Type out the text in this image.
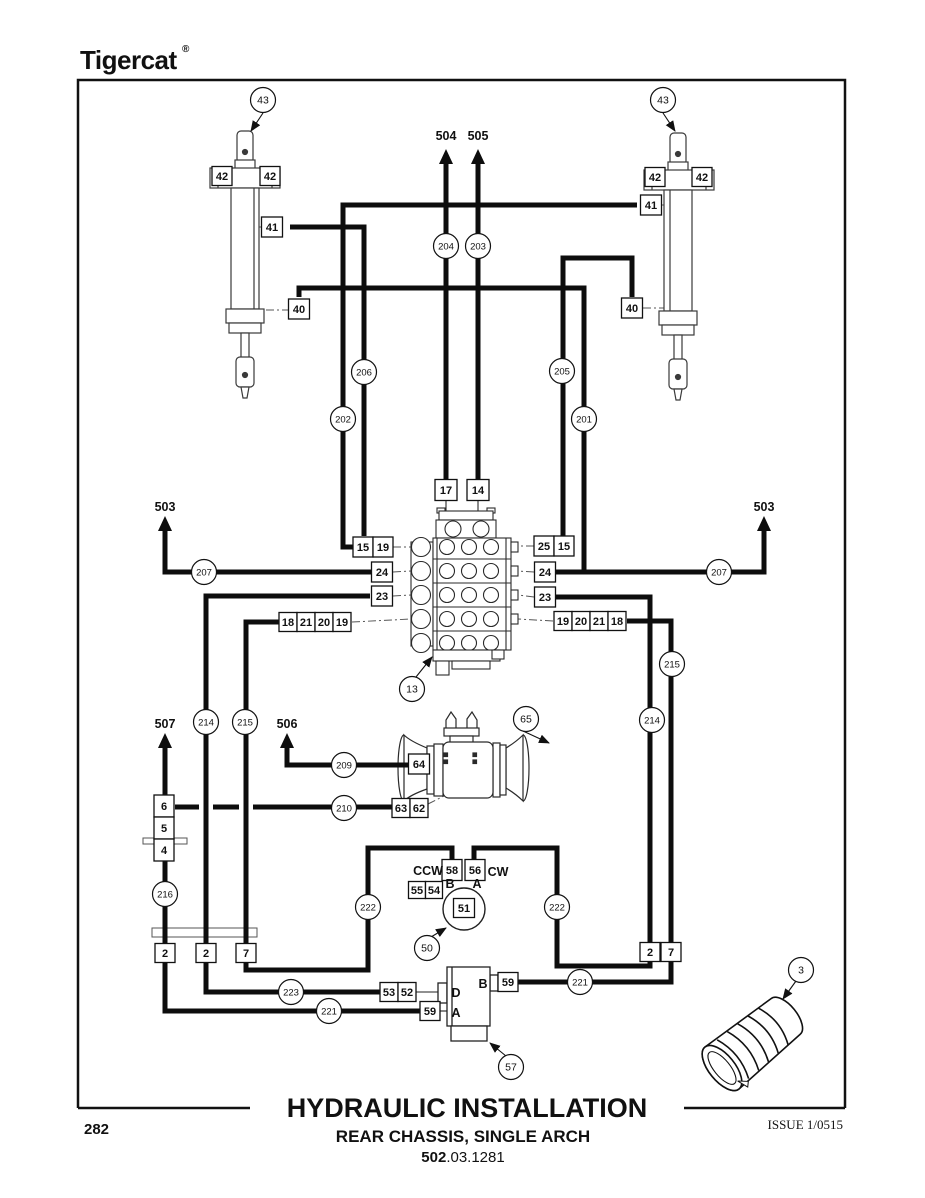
Tigercat ®
42	42	42	42
41
41
40	40
17 14
15 19	25 15
24	24
23	23
18 21 20 19	19 20 21 18
64
63 62
6
5
4
58 56
55 54
51
2	2	7	2 7
53 52
59
59
43	43
204 203
206	205
202	201
207	207
215
13
65
214 215	214
209
210
216
222	222
50
223
221
221
57
3
504 505
503	503
507	506
CCW	CW
B A
B
D
A
HYDRAULIC INSTALLATION
REAR CHASSIS, SINGLE ARCH
502.03.1281
282	ISSUE 1/0515
